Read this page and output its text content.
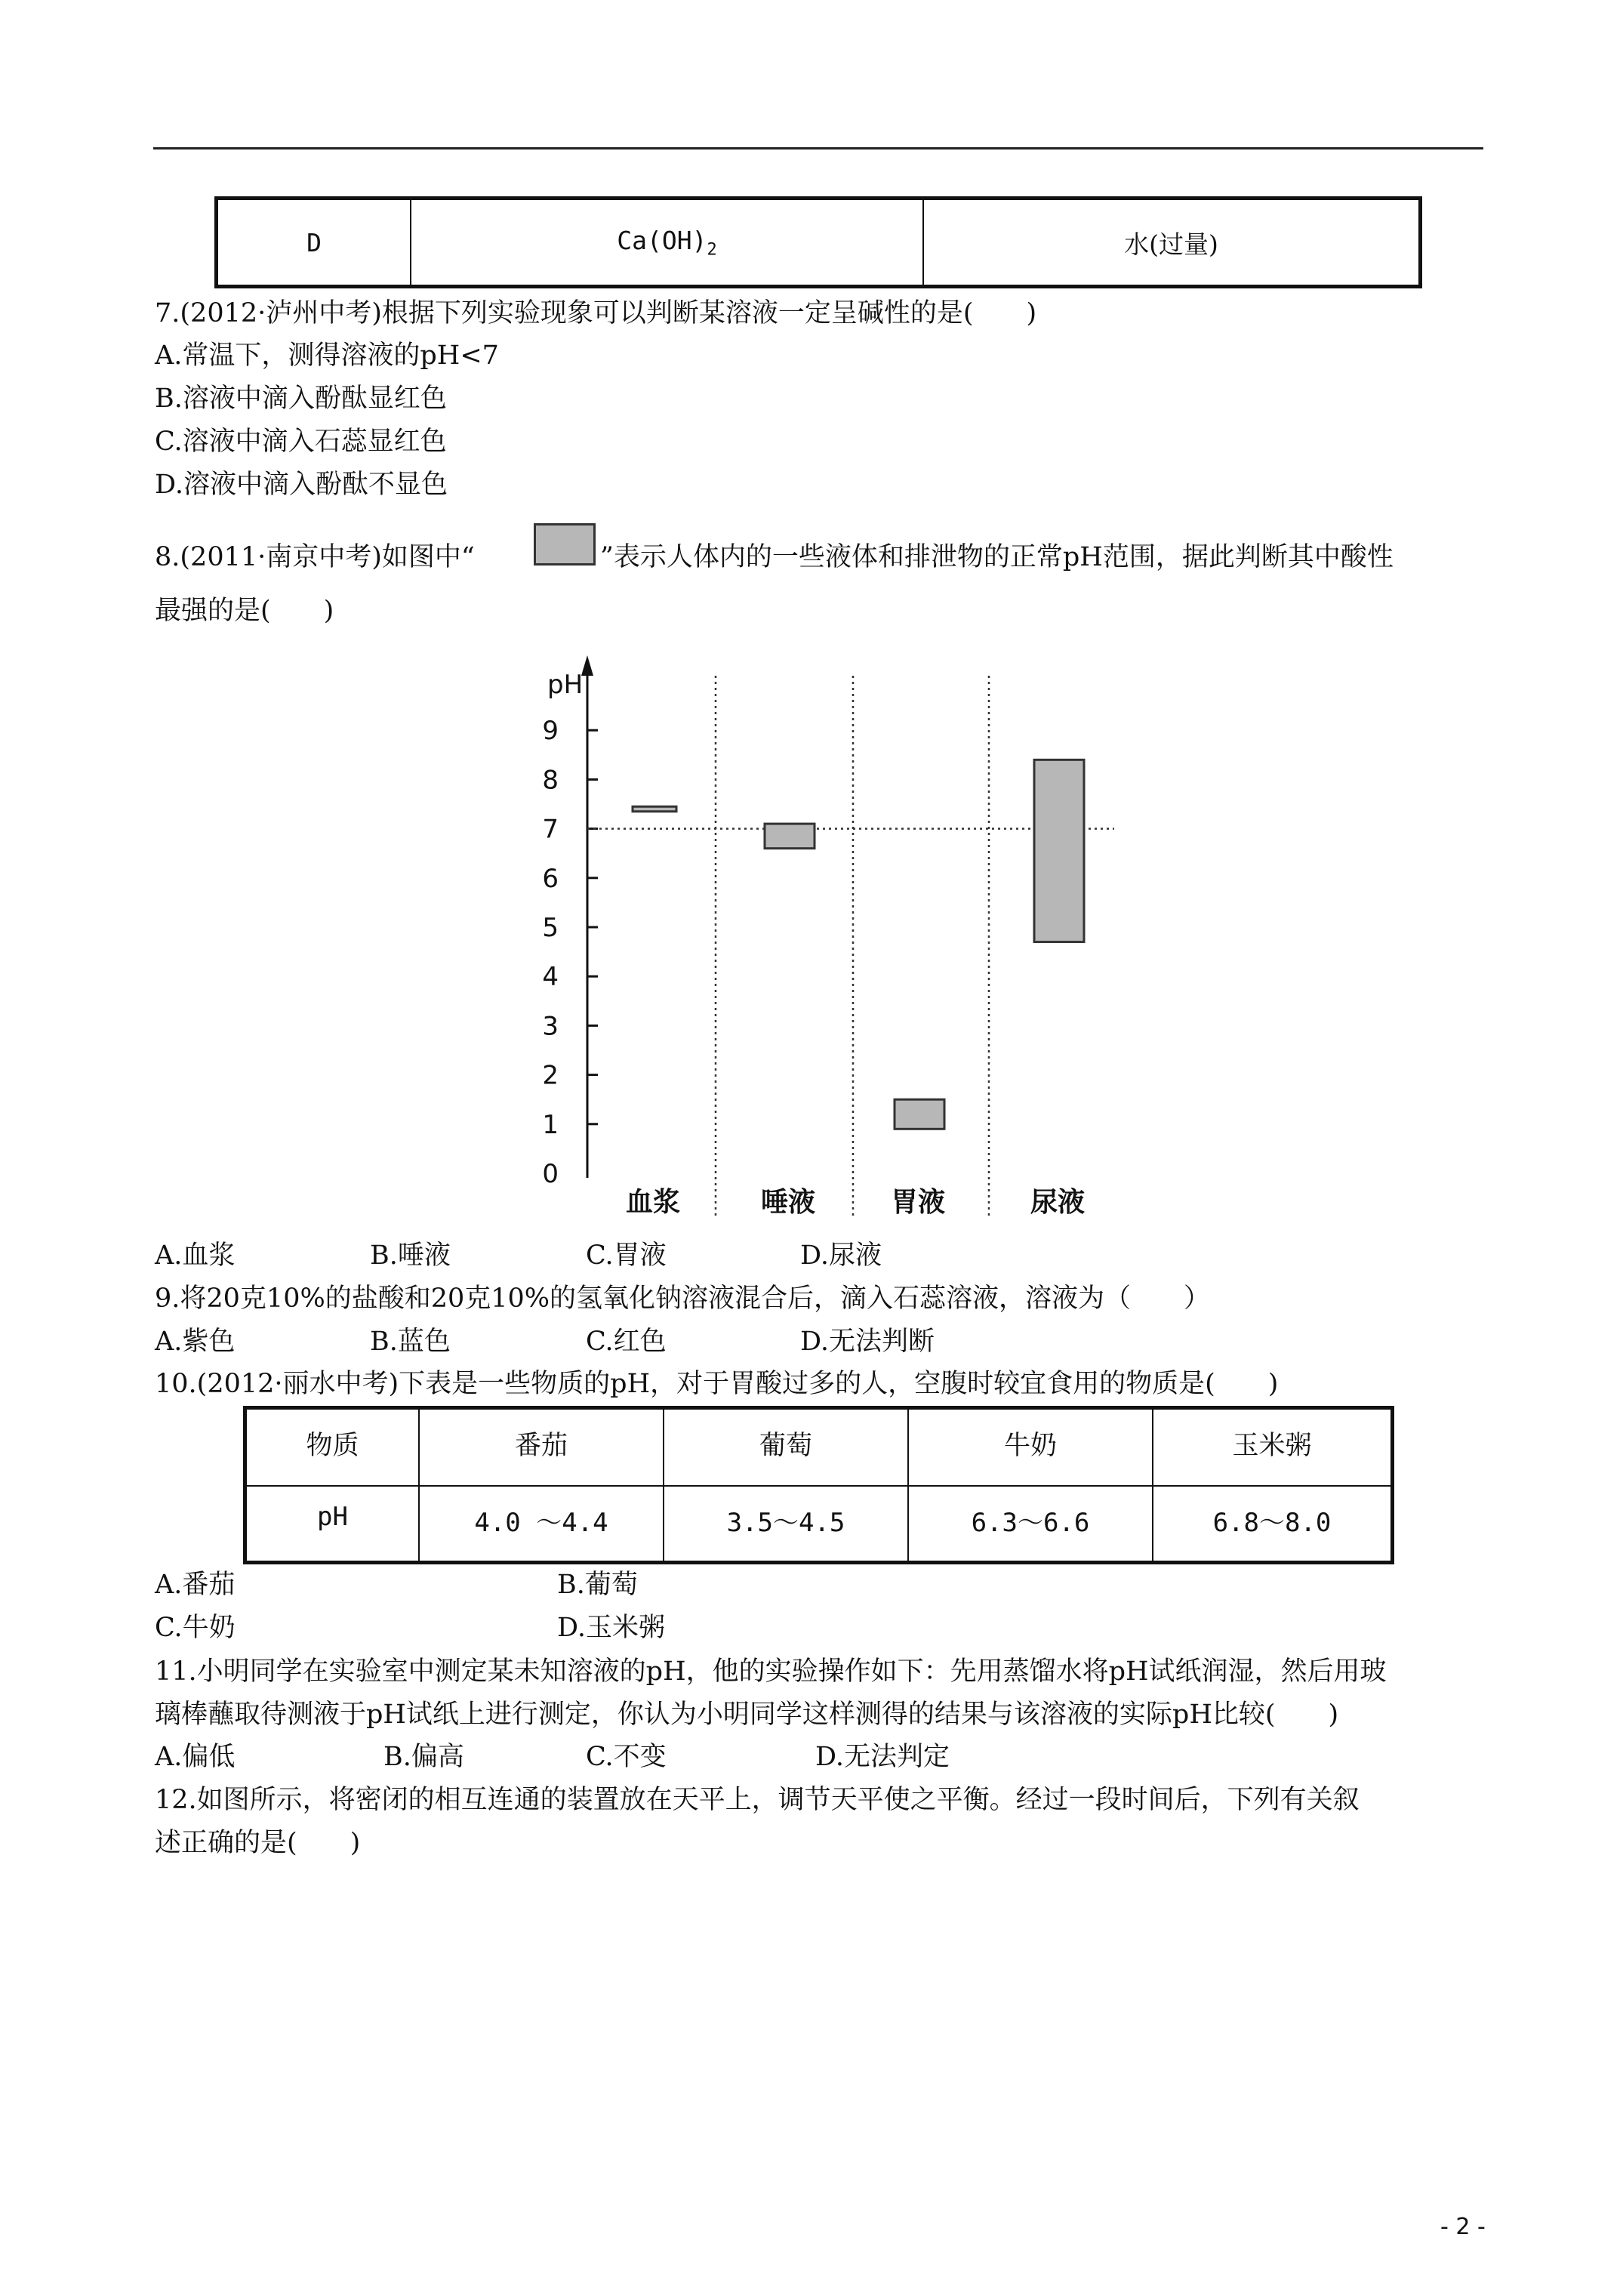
D	$Ca(OH)_2$	水(过量)
7.(2012·泸州中考)根据下列实验现象可以判断某溶液一定呈碱性的是(　　)
A.常温下，测得溶液的pH<7
B.溶液中滴入酚酞显红色
C.溶液中滴入石蕊显红色
D.溶液中滴入酚酞不显色
8.(2011·南京中考)如图中“	”表示人体内的一些液体和排泄物的正常pH范围，据此判断其中酸性
最强的是(　　)
pH
0
1
2
3
4
5
6
7
8
9
血浆	唾液	胃液	尿液
A.血浆	B.唾液	C.胃液	D.尿液
9.将20克10%的盐酸和20克10%的氢氧化钠溶液混合后，滴入石蕊溶液，溶液为（　　）
A.紫色	B.蓝色	C.红色	D.无法判断
10.(2012·丽水中考)下表是一些物质的pH，对于胃酸过多的人，空腹时较宜食用的物质是(　　)
物质	番茄	葡萄	牛奶	玉米粥
pH	4.0 ～4.4	3.5～4.5	6.3～6.6	6.8～8.0
A.番茄	B.葡萄
C.牛奶	D.玉米粥
11.小明同学在实验室中测定某未知溶液的pH，他的实验操作如下：先用蒸馏水将pH试纸润湿，然后用玻
璃棒蘸取待测液于pH试纸上进行测定，你认为小明同学这样测得的结果与该溶液的实际pH比较(　　)
A.偏低	B.偏高	C.不变	D.无法判定
12.如图所示，将密闭的相互连通的装置放在天平上，调节天平使之平衡。经过一段时间后，下列有关叙
述正确的是(　　)
- 2 -
